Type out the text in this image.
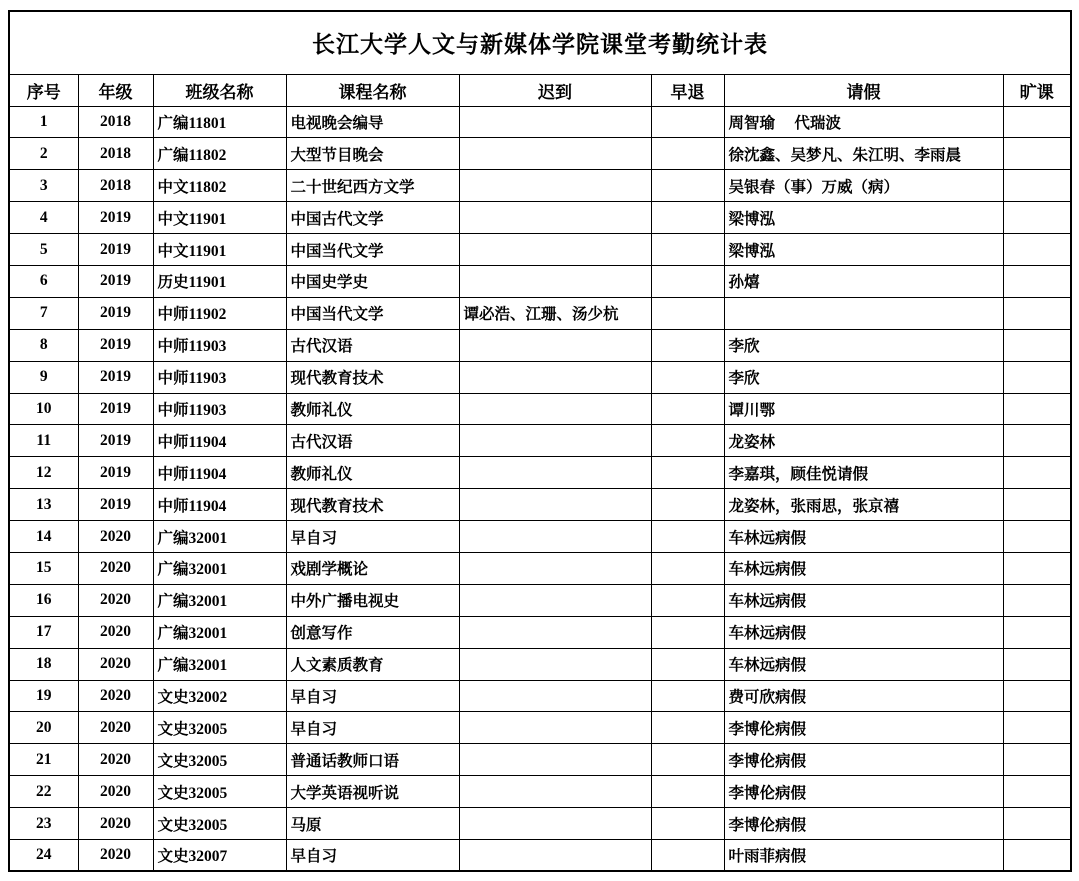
长江大学人文与新媒体学院课堂考勤统计表							
序号	年级	班级名称	课程名称	迟到	早退	请假	旷课
1	2018	广编11801	电视晚会编导			周智瑜　 代瑞波	
2	2018	广编11802	大型节目晚会			徐沈鑫、吴梦凡、朱江明、李雨晨	
3	2018	中文11802	二十世纪西方文学			吴银春（事）万威（病）	
4	2019	中文11901	中国古代文学			梁博泓	
5	2019	中文11901	中国当代文学			梁博泓	
6	2019	历史11901	中国史学史			孙熺	
7	2019	中师11902	中国当代文学	谭必浩、江珊、汤少杭			
8	2019	中师11903	古代汉语			李欣	
9	2019	中师11903	现代教育技术			李欣	
10	2019	中师11903	教师礼仪			谭川鄂	
11	2019	中师11904	古代汉语			龙姿林	
12	2019	中师11904	教师礼仪			李嘉琪，顾佳悦请假	
13	2019	中师11904	现代教育技术			龙姿林，张雨思，张京禧	
14	2020	广编32001	早自习			车林远病假	
15	2020	广编32001	戏剧学概论			车林远病假	
16	2020	广编32001	中外广播电视史			车林远病假	
17	2020	广编32001	创意写作			车林远病假	
18	2020	广编32001	人文素质教育			车林远病假	
19	2020	文史32002	早自习			费可欣病假	
20	2020	文史32005	早自习			李博伦病假	
21	2020	文史32005	普通话教师口语			李博伦病假	
22	2020	文史32005	大学英语视听说			李博伦病假	
23	2020	文史32005	马原			李博伦病假	
24	2020	文史32007	早自习			叶雨菲病假	
